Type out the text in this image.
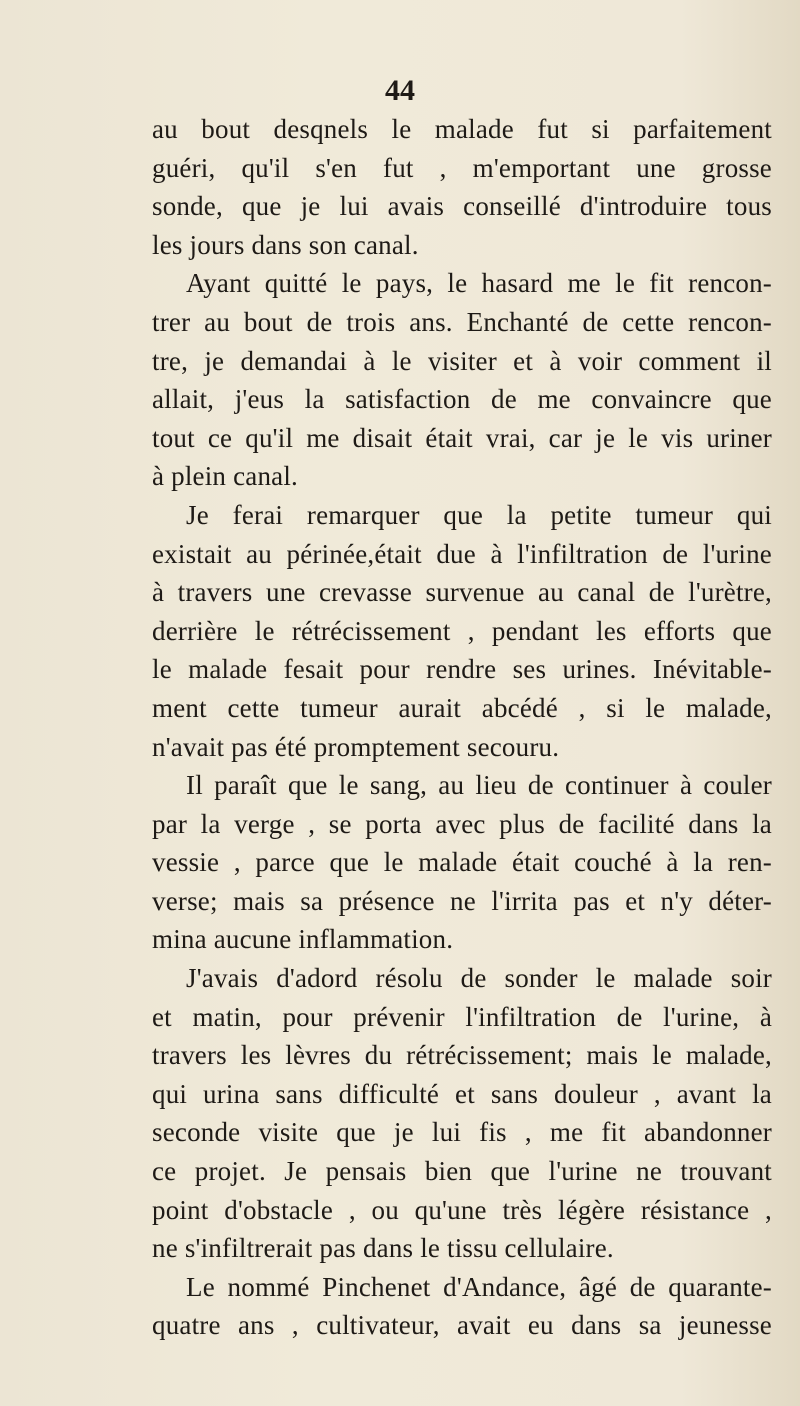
44
au bout desqnels le malade fut si parfaitement
guéri, qu'il s'en fut , m'emportant une grosse
sonde, que je lui avais conseillé d'introduire tous
les jours dans son canal.
Ayant quitté le pays, le hasard me le fit rencon-
trer au bout de trois ans. Enchanté de cette rencon-
tre, je demandai à le visiter et à voir comment il
allait, j'eus la satisfaction de me convaincre que
tout ce qu'il me disait était vrai, car je le vis uriner
à plein canal.
Je ferai remarquer que la petite tumeur qui
existait au périnée,était due à l'infiltration de l'urine
à travers une crevasse survenue au canal de l'urètre,
derrière le rétrécissement , pendant les efforts que
le malade fesait pour rendre ses urines. Inévitable-
ment cette tumeur aurait abcédé , si le malade,
n'avait pas été promptement secouru.
Il paraît que le sang, au lieu de continuer à couler
par la verge , se porta avec plus de facilité dans la
vessie , parce que le malade était couché à la ren-
verse; mais sa présence ne l'irrita pas et n'y déter-
mina aucune inflammation.
J'avais d'adord résolu de sonder le malade soir
et matin, pour prévenir l'infiltration de l'urine, à
travers les lèvres du rétrécissement; mais le malade,
qui urina sans difficulté et sans douleur , avant la
seconde visite que je lui fis , me fit abandonner
ce projet. Je pensais bien que l'urine ne trouvant
point d'obstacle , ou qu'une très légère résistance ,
ne s'infiltrerait pas dans le tissu cellulaire.
Le nommé Pinchenet d'Andance, âgé de quarante-
quatre ans , cultivateur, avait eu dans sa jeunesse
